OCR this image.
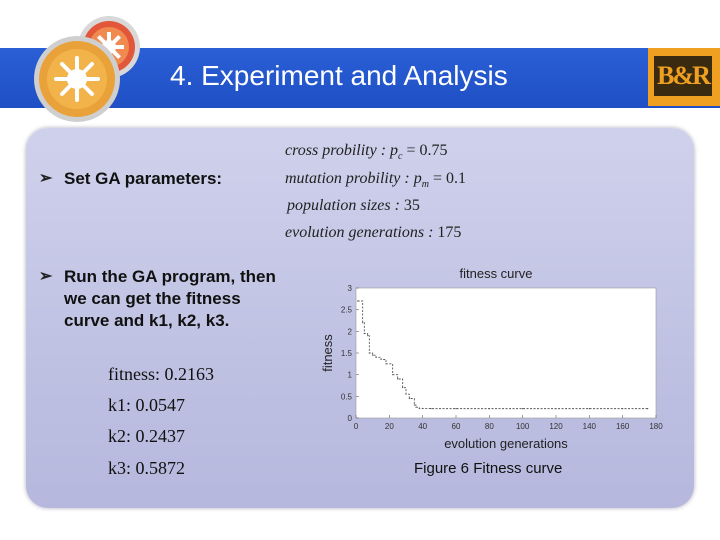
4. Experiment and Analysis	B&R
➢ Set GA parameters:
cross probility : $p_c = 0.75$
mutation probility : $p_m = 0.1$
population sizes : 35
evolution generations : 175
➢ Run the GA program, then
we can get the fitness
curve and k1, k2, k3.
fitness: 0.2163
k1: 0.0547
k2: 0.2437
k3: 0.5872
fitness curve
evolution generations
fitness
0	20	40	60	80	100 120 140 160 180
0
0.5
1
1.5
2
2.5
3
Figure 6 Fitness curve
